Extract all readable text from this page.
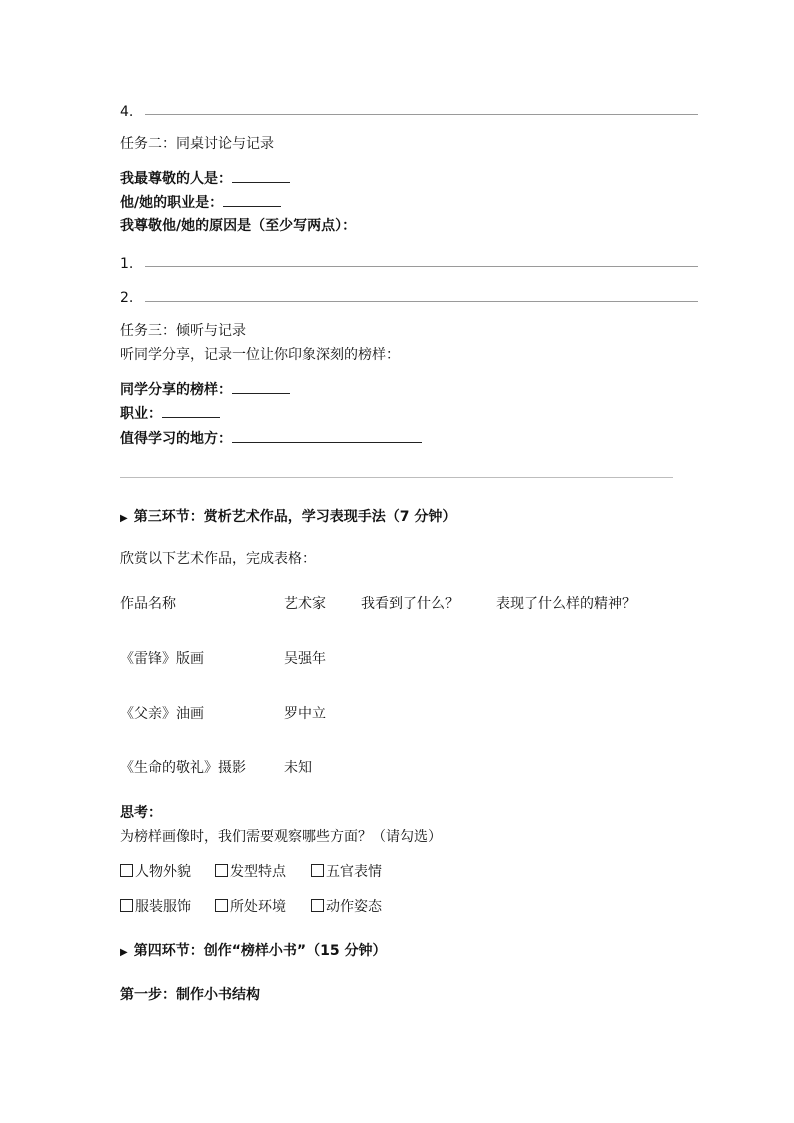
4.
任务二：同桌讨论与记录
我最尊敬的人是：
他/她的职业是：
我尊敬他/她的原因是（至少写两点）：
1.
2.
任务三：倾听与记录
听同学分享，记录一位让你印象深刻的榜样：
同学分享的榜样：
职业：
值得学习的地方：
▶ 第三环节：赏析艺术作品，学习表现手法（7 分钟）
欣赏以下艺术作品，完成表格：
作品名称	艺术家	我看到了什么？	表现了什么样的精神？
《雷锋》版画	吴强年
《父亲》油画	罗中立
《生命的敬礼》摄影	未知
思考：
为榜样画像时，我们需要观察哪些方面？（请勾选）
人物外貌	发型特点	五官表情
服装服饰	所处环境	动作姿态
▶ 第四环节：创作“榜样小书”（15 分钟）
第一步：制作小书结构
